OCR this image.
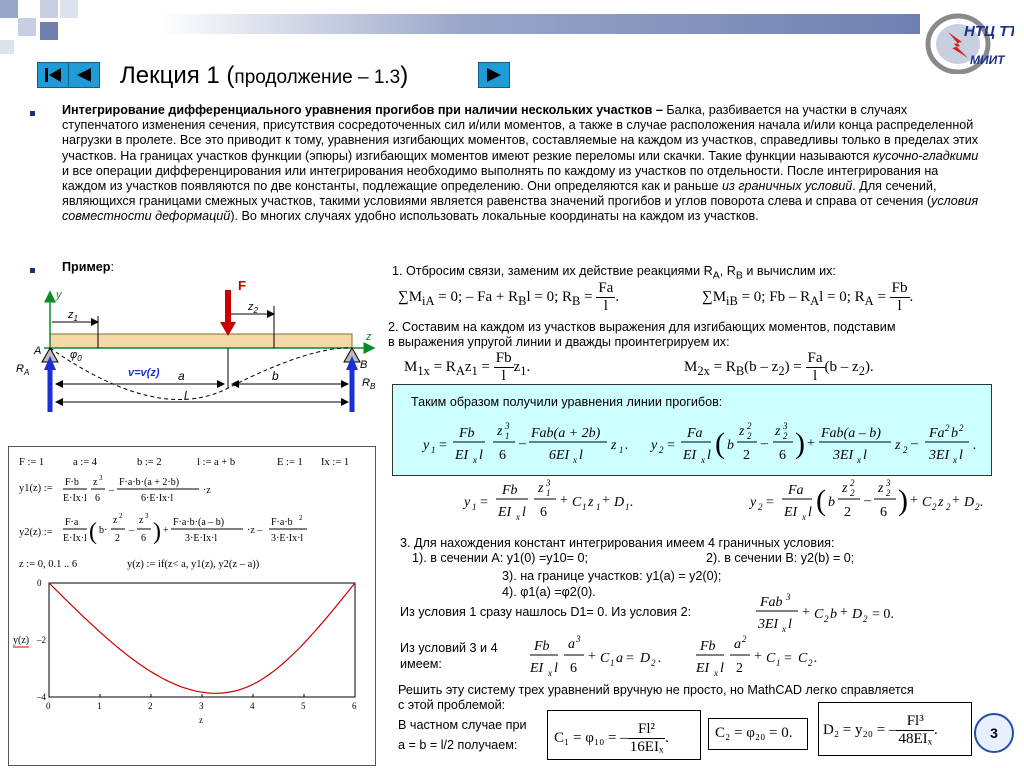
НТЦ ТТ
МИИТ
Лекция 1 (продолжение – 1.3)
Интегрирование дифференциального уравнения прогибов при наличии нескольких участков – Балка, разбивается на участки в случаях ступенчатого изменения сечения, присутствия сосредоточенных сил и/или моментов, а также в случае расположения начала и/или конца распределенной нагрузки в пролете. Все это приводит к тому, уравнения изгибающих моментов, составляемые на каждом из участков, справедливы только в пределах этих участков. На границах участков функции (эпюры) изгибающих моментов имеют резкие переломы или скачки. Такие функции называются кусочно-гладкими и все операции дифференцирования или интегрирования необходимо выполнять по каждому из участков по отдельности. После интегрирования на каждом из участков появляются по две константы, подлежащие определению. Они определяются как и раньше из граничных условий. Для сечений, являющихся границами смежных участков, такими условиями является равенства значений прогибов и углов поворота слева и справа от сечения (условия совместности деформаций). Во многих случаях удобно использовать локальные координаты на каждом из участков.
Пример:
F
y
z
$z_1$
$z_2$
A
B
$R_A$
$R_B$
$\varphi_0$
v=v(z) a	b
l
1. Отбросим связи, заменим их действие реакциями $R_A$, $R_B$ и вычислим их:
$\sum M_{iA} = 0$; – $Fa + R_Bl = 0$; $R_B = \frac{Fa}{l}$ .	$\sum M_{iB} = 0$; $Fb - R_Al = 0$; $R_A = \frac{Fb}{l}$ .
2. Составим на каждом из участков выражения для изгибающих моментов, подставим
в выражения упругой линии и дважды проинтегрируем их:
$M_{1x} = R_Az_1 = \frac{Fb}{l} z_1$.	$M_{2x} = R_B(b - z_2) = \frac{Fa}{l} (b - z_2)$.
Таким образом получили уравнения линии прогибов:
y 1 =
Fb
EI x l
z 3
1
6
–
Fab(a + 2b)
6EI x l
z 1 . y 2 =
Fa
EI x l ( b
z 2
2
2
–
z 3
2
6 ) +
Fab(a – b)
3EI x l
z 2 –
Fa 2 b 2
3EI x l
.
y 1 =
Fb
EI x l
z 3
1
6
+ C 1 z 1 + D 1 .	y 2 =
Fa
EI x l ( b
z 2
2
2
–
z 3
2
6 ) + C 2 z 2 + D 2 .
3. Для нахождения констант интегрирования имеем 4 граничных условия:
1). в сечении A: y1(0) =y10= 0;	2). в сечении B: y2(b) = 0;
3). на границе участков: y1(a) = y2(0);
4). φ1(a) =φ2(0).
Из условия 1 сразу нашлось D1= 0. Из условия 2:
Fab 3
3EI x l
+ C 2 b + D 2 = 0.
Из условий 3 и 4
имеем:
Fb
EI x l
a 3
6
+ C 1 a = D 2 .
Fb
EI x l
a 2
2
+ C 1 = C 2 .
Решить эту систему трех уравнений вручную не просто, но MathCAD легко справляется
с этой проблемой:
В частном случае при
a = b = l/2 получаем: C₁ = φ₁₀ = – $\frac{\text{Fl²}}{\text{16EIₓ}}$ .	C₂ = φ₂₀ = 0. D₂ = y₂₀ = – $\frac{\text{Fl³}}{\text{48EIₓ}}$ .
F := 1	a := 4	b := 2	l := a + b	E := 1 Ix := 1
y1(z) :=
F·b
E·Ix·l
z 3
6
–
F·a·b·(a + 2·b)
6·E·Ix·l
·z
y2(z) :=
F·a
E·Ix·l ( b·
z 2
2
–
z 3
6 ) +
F·a·b·(a – b)
3·E·Ix·l
·z –
F·a·b 2
3·E·Ix·l
z := 0, 0.1 .. 6	y(z) := if(z< a, y1(z), y2(z – a))
0	1	2	3	4	5	6
0
–2
–4
y(z)
z
3
